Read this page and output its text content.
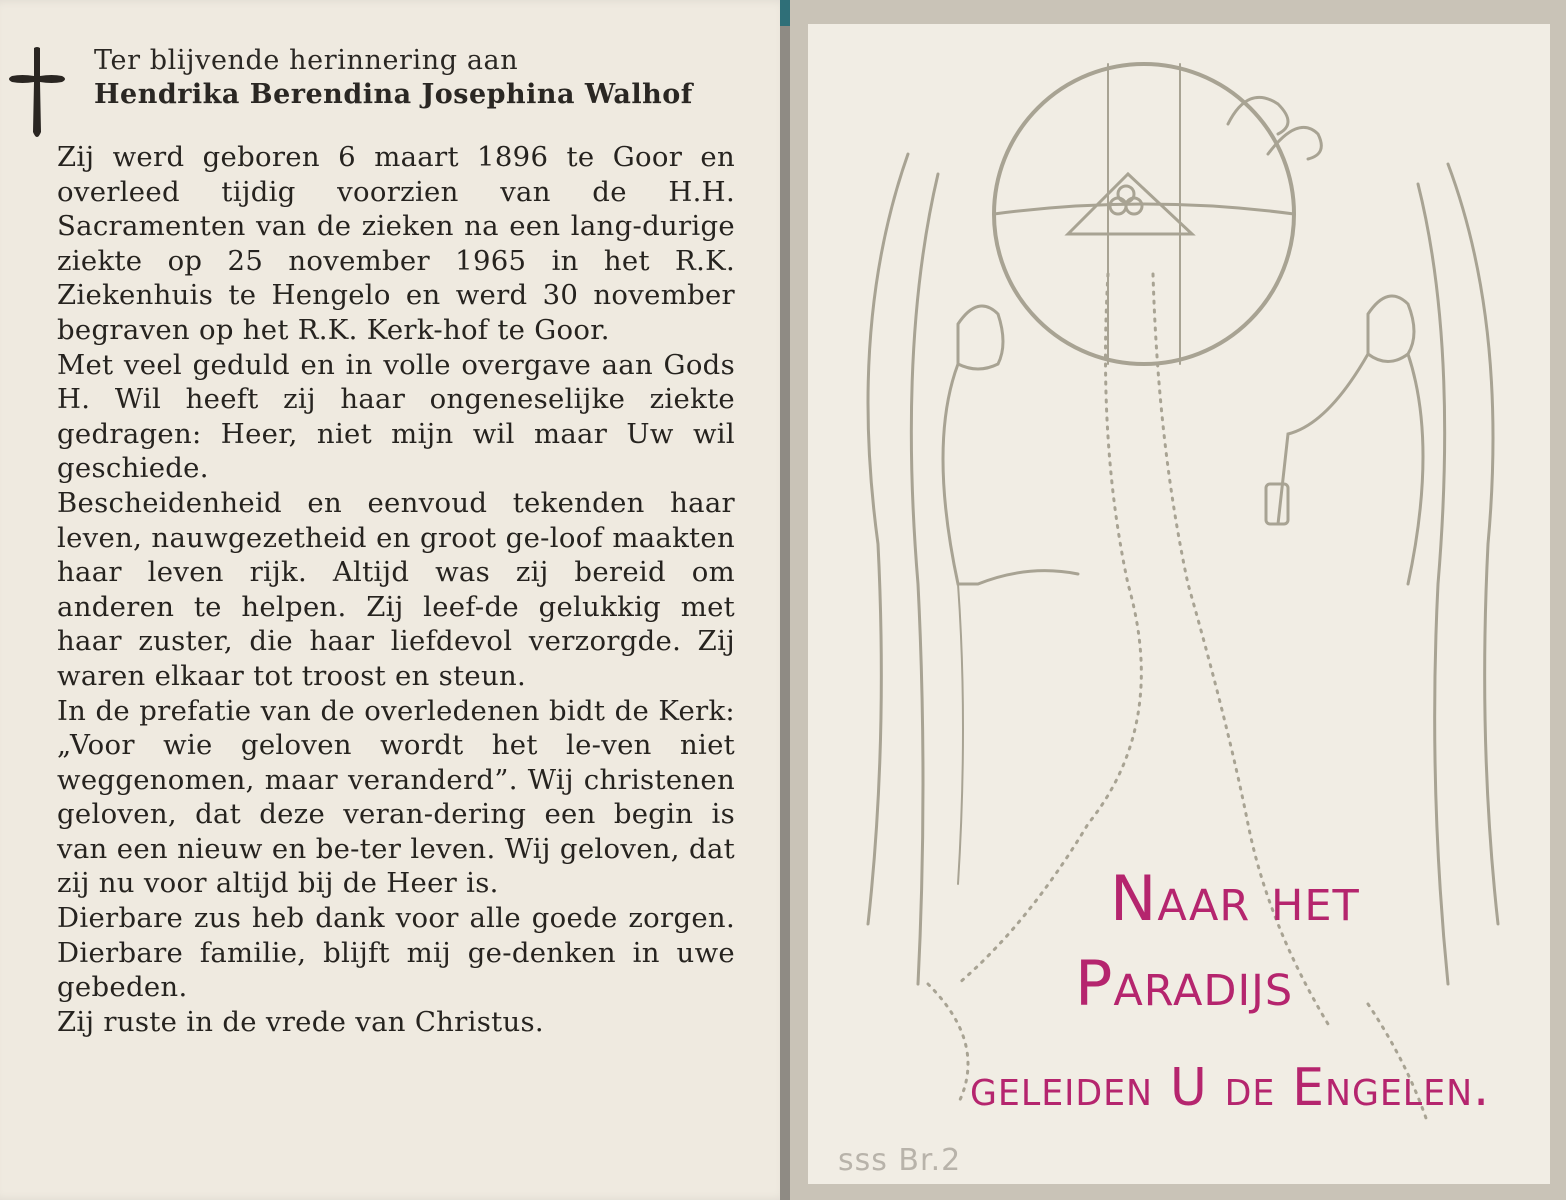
Ter blijvende herinnering aan
Hendrika Berendina Josephina Walhof

Zij werd geboren 6 maart 1896 te Goor en overleed tijdig voorzien van de H.H. Sacramenten van de zieken na een lang-durige ziekte op 25 november 1965 in het R.K. Ziekenhuis te Hengelo en werd 30 november begraven op het R.K. Kerk-hof te Goor.

Met veel geduld en in volle overgave aan Gods H. Wil heeft zij haar ongeneselijke ziekte gedragen: Heer, niet mijn wil maar Uw wil geschiede.

Bescheidenheid en eenvoud tekenden haar leven, nauwgezetheid en groot ge-loof maakten haar leven rijk. Altijd was zij bereid om anderen te helpen. Zij leef-de gelukkig met haar zuster, die haar liefdevol verzorgde. Zij waren elkaar tot troost en steun.

In de prefatie van de overledenen bidt de Kerk: „Voor wie geloven wordt het le-ven niet weggenomen, maar veranderd”. Wij christenen geloven, dat deze veran-dering een begin is van een nieuw en be-ter leven. Wij geloven, dat zij nu voor altijd bij de Heer is.

Dierbare zus heb dank voor alle goede zorgen. Dierbare familie, blijft mij ge-denken in uwe gebeden.

Zij ruste in de vrede van Christus.

Naar het
Paradijs
geleiden U de Engelen.
sss Br.2
